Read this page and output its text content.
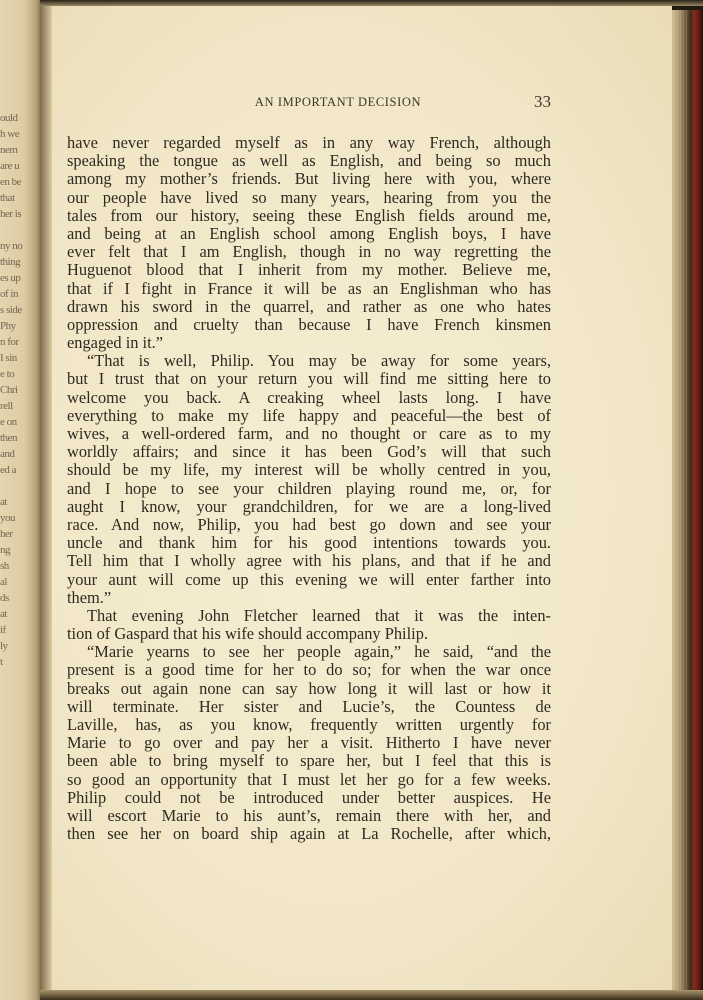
ould
h we
nem
are u
en be
that
her is

ny no
thing
es up
of in
s side
Phy
n for
I sin
e to
Chri
rell
e on
then
and
ed a

at
you
her
ng
sh
al
ds
at
if
ly
t
AN IMPORTANT DECISION	33
have never regarded myself as in any way French, although
speaking the tongue as well as English, and being so much
among my mother’s friends. But living here with you, where
our people have lived so many years, hearing from you the
tales from our history, seeing these English fields around me,
and being at an English school among English boys, I have
ever felt that I am English, though in no way regretting the
Huguenot blood that I inherit from my mother. Believe me,
that if I fight in France it will be as an Englishman who has
drawn his sword in the quarrel, and rather as one who hates
oppression and cruelty than because I have French kinsmen
engaged in it.”
“That is well, Philip. You may be away for some years,
but I trust that on your return you will find me sitting here to
welcome you back. A creaking wheel lasts long. I have
everything to make my life happy and peaceful—the best of
wives, a well-ordered farm, and no thought or care as to my
worldly affairs; and since it has been God’s will that such
should be my life, my interest will be wholly centred in you,
and I hope to see your children playing round me, or, for
aught I know, your grandchildren, for we are a long-lived
race. And now, Philip, you had best go down and see your
uncle and thank him for his good intentions towards you.
Tell him that I wholly agree with his plans, and that if he and
your aunt will come up this evening we will enter farther into
them.”
That evening John Fletcher learned that it was the inten-
tion of Gaspard that his wife should accompany Philip.
“Marie yearns to see her people again,” he said, “and the
present is a good time for her to do so; for when the war once
breaks out again none can say how long it will last or how it
will terminate. Her sister and Lucie’s, the Countess de
Laville, has, as you know, frequently written urgently for
Marie to go over and pay her a visit. Hitherto I have never
been able to bring myself to spare her, but I feel that this is
so good an opportunity that I must let her go for a few weeks.
Philip could not be introduced under better auspices. He
will escort Marie to his aunt’s, remain there with her, and
then see her on board ship again at La Rochelle, after which,
